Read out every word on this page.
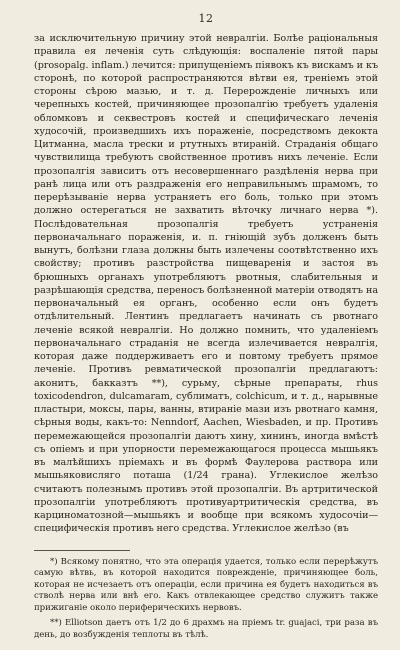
12

за исключительную причину этой невралгіи. Болѣе раціональныя правила ея леченія суть слѣдующія: воспаленіе пятой пары (prosopalg. inflam.) лечится: припущеніемъ піявокъ къ вискамъ и къ сторонѣ, по которой распространяются вѣтви ея, треніемъ этой стороны сѣрою мазью, и т. д. Перерожденіе личныхъ или черепныхъ костей, причиняющее прозопалгію требуетъ удаленія обломковъ и секвестровъ костей и специфическаго леченія худосочій, произведшихъ ихъ пораженіе, посредствомъ декокта Цитманна, масла трески и ртутныхъ втираній. Страданія общаго чувствилища требуютъ свойственное противъ нихъ леченіе. Если прозопалгія зависитъ отъ несовершеннаго раздѣленія нерва при ранѣ лица или отъ раздраженія его неправильнымъ шрамомъ, то перерѣзываніе нерва устраняетъ его боль, только при этомъ должно остерегаться не захватить вѣточку личнаго нерва *). Послѣдовательная прозопалгія требуетъ устраненія первоначальнаго пораженія, и. п. гніющій зубъ долженъ быть вынутъ, болѣзни глаза должны быть излечены соотвѣтственно ихъ свойству; противъ разстройства пищеваренія и застоя въ брюшныхъ органахъ употребляютъ рвотныя, слабительныя и разрѣшающія средства, переносъ болѣзненной матеріи отводятъ на первоначальный ея органъ, особенно если онъ будетъ отдѣлительный. Лентинъ предлагаетъ начинать съ рвотнаго леченіе всякой невралгіи. Но должно помнить, что удаленіемъ первоначальнаго страданія не всегда излечивается невралгія, которая даже поддерживаетъ его и повтому требуетъ прямое леченіе. Противъ ревматической прозопалгіи предлагаютъ: аконитъ, бакказтъ **), сурьму, сѣрные препараты, rhus toxicodendron, dulcamaram, сублиматъ, colchicum, и т. д., нарывные пластыри, моксы, пары, ванны, втираніе мази изъ рвотнаго камня, сѣрныя воды, какъ-то: Nenndorf, Aachen, Wiesbaden, и пр. Противъ перемежающейся прозопалгіи даютъ хину, хининъ, иногда вмѣстѣ съ опіемъ и при упорности перемежающагося процесса мышьякъ въ малѣйшихъ пріемахъ и въ формѣ Фаулерова раствора или мышьяковисляго поташа (1/24 грана). Углекислое желѣзо считаютъ полезнымъ противъ этой прозопалгіи. Въ артритической прозопалгіи употребляютъ противуартритическія средства, въ карциноматозной—мышьякъ и вообще при всякомъ худосочіи—специфическія противъ него средства. Углекислое желѣзо (въ

*) Всякому понятно, что эта операція удается, только если перерѣжутъ самую вѣтвь, въ которой находится поврежденіе, причиняющее боль, которая не исчезаетъ отъ операціи, если причина ея будетъ находиться въ стволѣ нерва или внѣ его. Какъ отвлекающее средство служитъ также прижиганіе около периферическихъ нервовъ.

**) Elliotson даетъ отъ 1/2 до 6 драхмъ на пріемъ tr. guajaci, три раза въ день, до возбужденія теплоты въ тѣлѣ.
